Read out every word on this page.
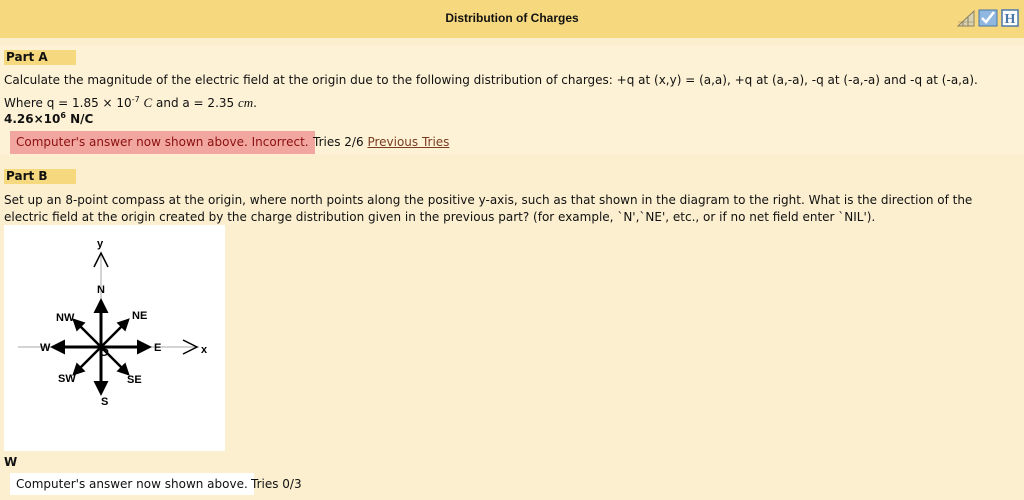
Distribution of Charges	H
Part A
Calculate the magnitude of the electric field at the origin due to the following distribution of charges: +q at (x,y) = (a,a), +q at (a,-a), -q at (-a,-a) and -q at (-a,a).
Where $q = 1.85 \times 10^{-7}$ C and a = 2.35 cm.
$4.26\times 10^6$ N/C
Computer's answer now shown above. Incorrect. Tries 2/6 Previous Tries
Part B
Set up an 8-point compass at the origin, where north points along the positive y-axis, such as that shown in the diagram to the right. What is the direction of the electric field at the origin created by the charge distribution given in the previous part? (for example, `N',`NE', etc., or if no net field enter `NIL').
y
x
N
S
E
W
NE
NW
SE
SW
O
W
Computer's answer now shown above. Tries 0/3
